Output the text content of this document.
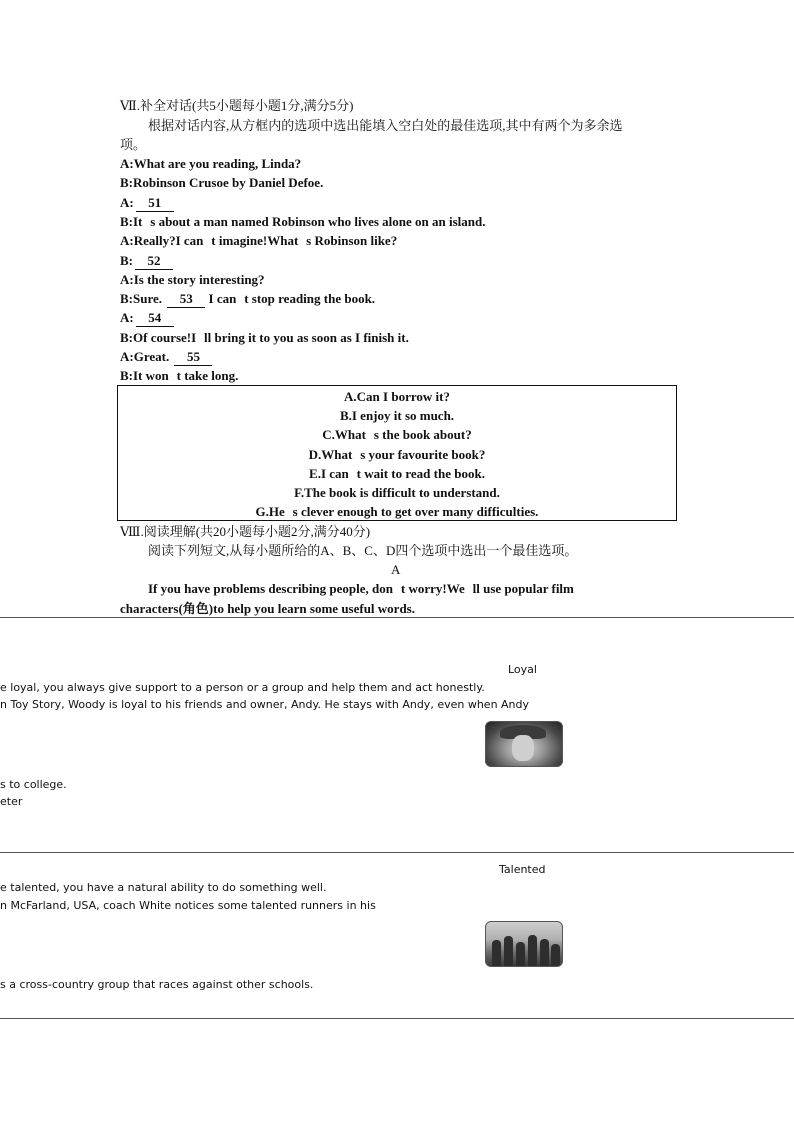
Ⅶ.补全对话(共5小题每小题1分,满分5分)
根据对话内容,从方框内的选项中选出能填入空白处的最佳选项,其中有两个为多余选
项。
A:What are you reading, Linda?
B:Robinson Crusoe by Daniel Defoe.
A: 51
B:Its about a man named Robinson who lives alone on an island.
A:Really?I cant imagine!Whats Robinson like?
B: 52
A:Is the story interesting?
B:Sure. 53 I cant stop reading the book.
A: 54
B:Of course!Ill bring it to you as soon as I finish it.
A:Great. 55
B:It wont take long.
A.Can I borrow it?
B.I enjoy it so much.
C.Whats the book about?
D.Whats your favourite book?
E.I cant wait to read the book.
F.The book is difficult to understand.
G.Hes clever enough to get over many difficulties.
Ⅷ.阅读理解(共20小题每小题2分,满分40分)
阅读下列短文,从每小题所给的A、B、C、D四个选项中选出一个最佳选项。
A
If you have problems describing people, dont worry!Well use popular film
characters(角色)to help you learn some useful words.
Loyal
e loyal, you always give support to a person or a group and help them and act honestly.
n Toy Story, Woody is loyal to his friends and owner, Andy. He stays with Andy, even when Andy
s to college.
eter
Talented
e talented, you have a natural ability to do something well.
n McFarland, USA, coach White notices some talented runners in his
s a cross-country group that races against other schools.
